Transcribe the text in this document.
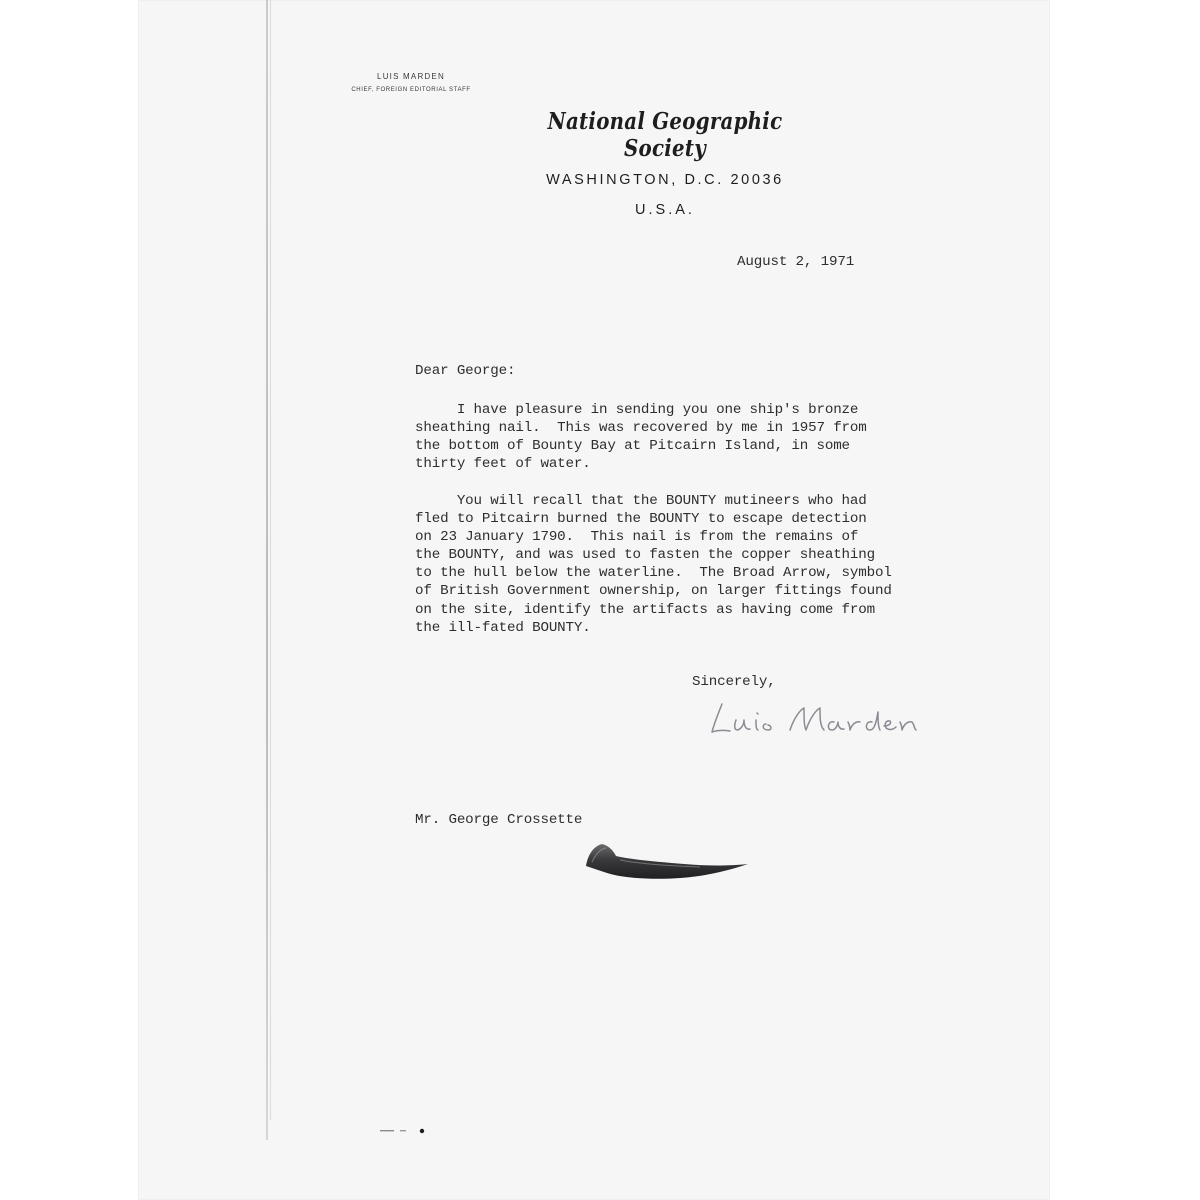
LUIS MARDEN
CHIEF, FOREIGN EDITORIAL STAFF
National Geographic Society
WASHINGTON, D.C. 20036
U.S.A.
August 2, 1971
Dear George:
I have pleasure in sending you one ship's bronze
sheathing nail.  This was recovered by me in 1957 from
the bottom of Bounty Bay at Pitcairn Island, in some
thirty feet of water.
You will recall that the BOUNTY mutineers who had
fled to Pitcairn burned the BOUNTY to escape detection
on 23 January 1790.  This nail is from the remains of
the BOUNTY, and was used to fasten the copper sheathing
to the hull below the waterline.  The Broad Arrow, symbol
of British Government ownership, on larger fittings found
on the site, identify the artifacts as having come from
the ill-fated BOUNTY.
Sincerely,
Mr. George Crossette
